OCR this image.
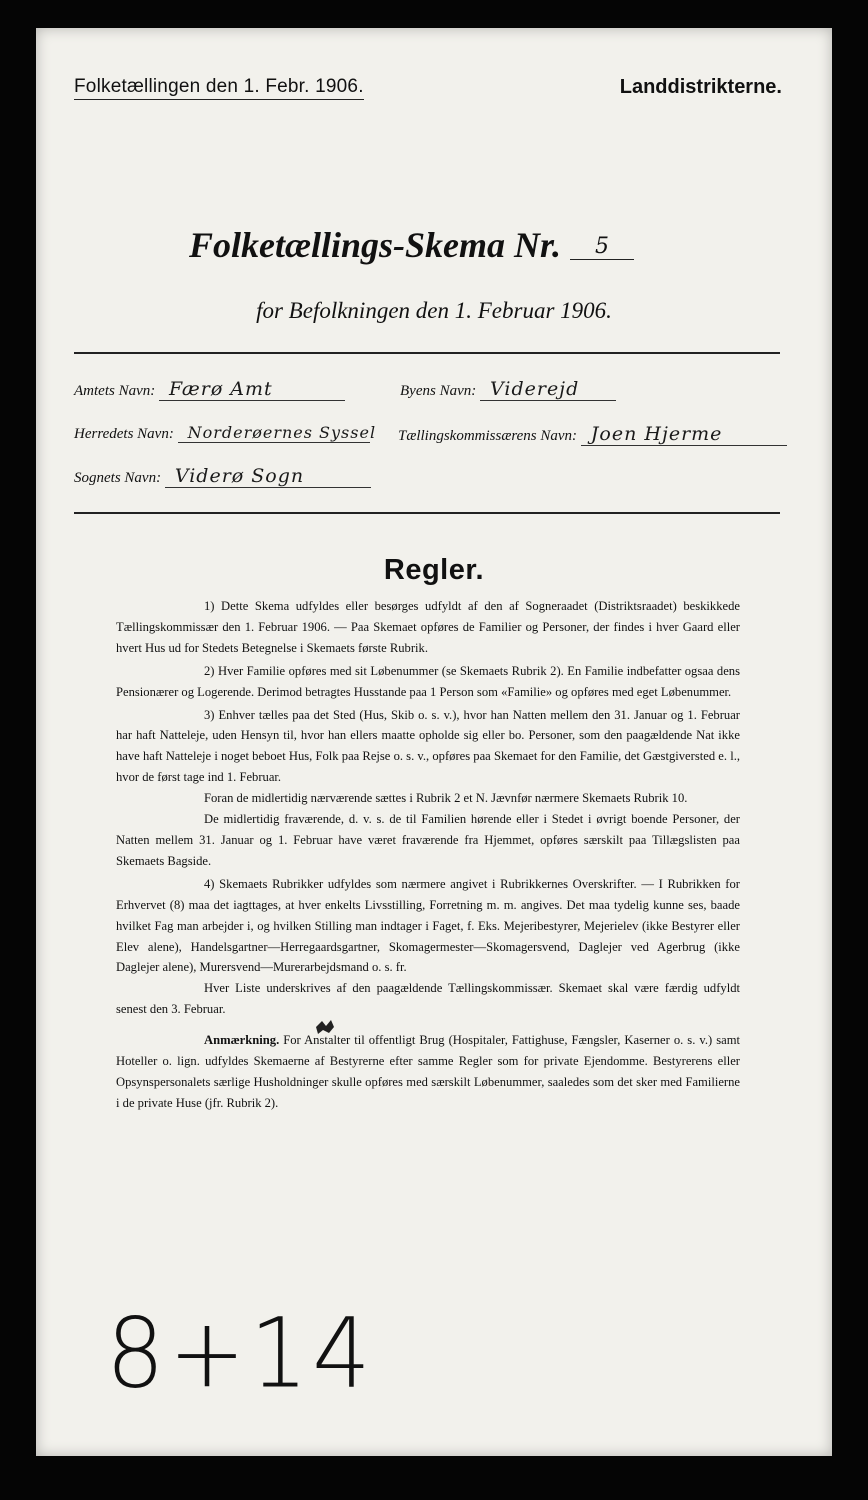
Folketællingen den 1. Febr. 1906.	Landdistrikterne.
Folketællings-Skema Nr. 5
for Befolkningen den 1. Februar 1906.
Amtets Navn: Færø Amt	Byens Navn: Viderejd
Herredets Navn: Norderøernes Syssel Tællingskommissærens Navn: Joen Hjerme
Sognets Navn: Viderø Sogn
Regler.

1) Dette Skema udfyldes eller besørges udfyldt af den af Sogneraadet (Distriktsraadet) beskikkede Tællingskommissær den 1. Februar 1906. — Paa Skemaet opføres de Familier og Personer, der findes i hver Gaard eller hvert Hus ud for Stedets Betegnelse i Skemaets første Rubrik.

2) Hver Familie opføres med sit Løbenummer (se Skemaets Rubrik 2). En Familie indbefatter ogsaa dens Pensionærer og Logerende. Derimod betragtes Husstande paa 1 Person som «Familie» og opføres med eget Løbenummer.

3) Enhver tælles paa det Sted (Hus, Skib o. s. v.), hvor han Natten mellem den 31. Januar og 1. Februar har haft Natteleje, uden Hensyn til, hvor han ellers maatte opholde sig eller bo. Personer, som den paagældende Nat ikke have haft Natteleje i noget beboet Hus, Folk paa Rejse o. s. v., opføres paa Skemaet for den Familie, det Gæstgiversted e. l., hvor de først tage ind 1. Februar.

Foran de midlertidig nærværende sættes i Rubrik 2 et N. Jævnfør nærmere Skemaets Rubrik 10.

De midlertidig fraværende, d. v. s. de til Familien hørende eller i Stedet i øvrigt boende Personer, der Natten mellem 31. Januar og 1. Februar have været fraværende fra Hjemmet, opføres særskilt paa Tillægslisten paa Skemaets Bagside.

4) Skemaets Rubrikker udfyldes som nærmere angivet i Rubrikkernes Overskrifter. — I Rubrikken for Erhvervet (8) maa det iagttages, at hver enkelts Livsstilling, Forretning m. m. angives. Det maa tydelig kunne ses, baade hvilket Fag man arbejder i, og hvilken Stilling man indtager i Faget, f. Eks. Mejeribestyrer, Mejerielev (ikke Bestyrer eller Elev alene), Handelsgartner—Herregaardsgartner, Skomagermester—Skomagersvend, Daglejer ved Agerbrug (ikke Daglejer alene), Murersvend—Murerarbejdsmand o. s. fr.

Hver Liste underskrives af den paagældende Tællingskommissær. Skemaet skal være færdig udfyldt senest den 3. Februar.

Anmærkning. For Anstalter til offentligt Brug (Hospitaler, Fattighuse, Fængsler, Kaserner o. s. v.) samt Hoteller o. lign. udfyldes Skemaerne af Bestyrerne efter samme Regler som for private Ejendomme. Bestyrerens eller Opsynspersonalets særlige Husholdninger skulle opføres med særskilt Løbenummer, saaledes som det sker med Familierne i de private Huse (jfr. Rubrik 2).

8+14
